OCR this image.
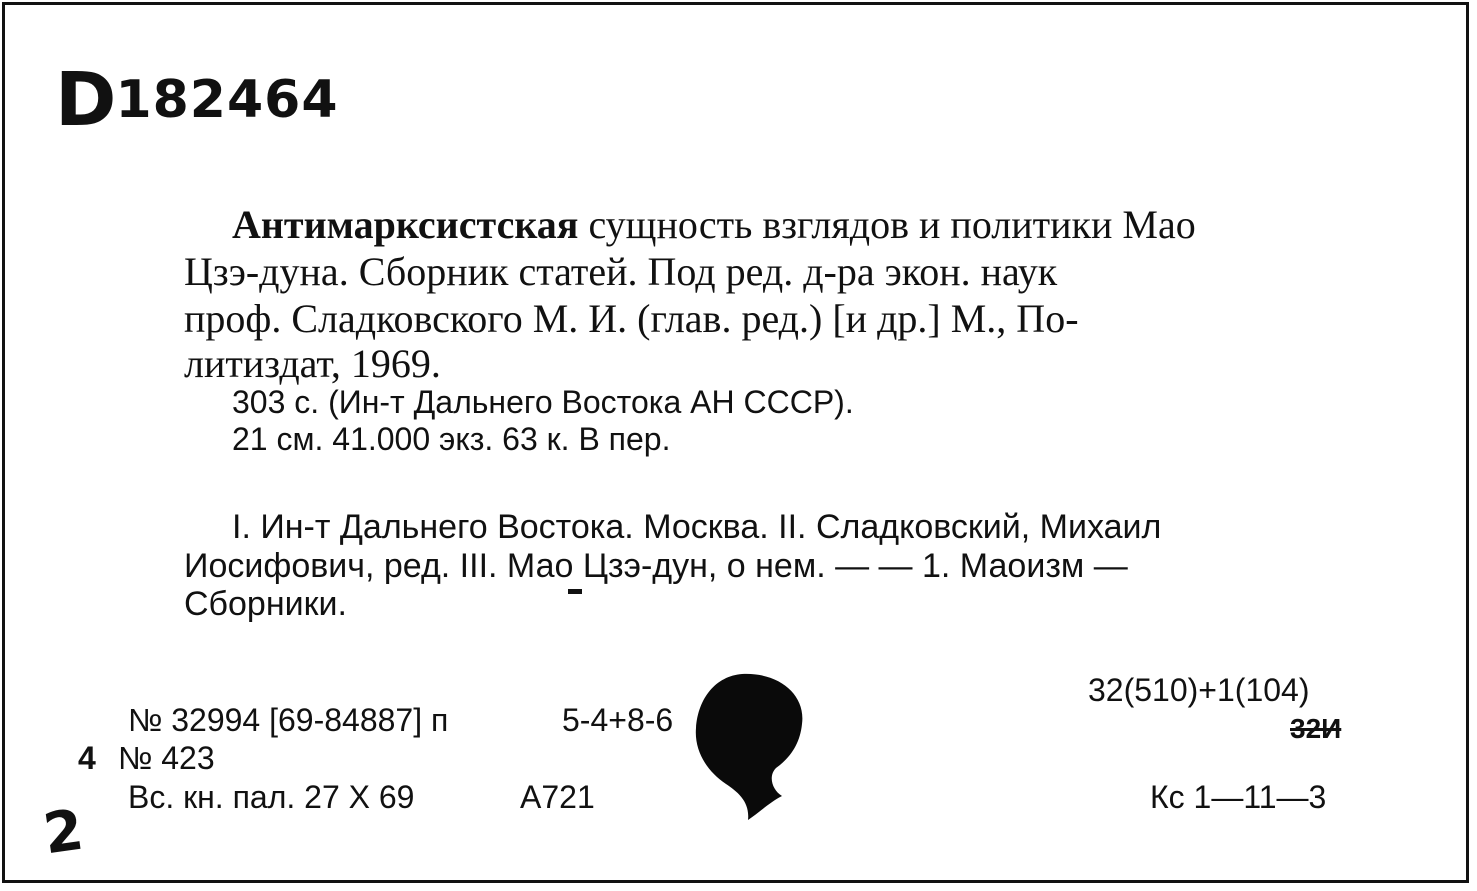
D182464
Антимарксистская сущность взглядов и политики Мао
Цзэ-дуна. Сборник статей. Под ред. д-ра экон. наук
проф. Сладковского М. И. (глав. ред.) [и др.] М., По-
литиздат, 1969.
303 с. (Ин-т Дальнего Востока АН СССР).
21 см. 41.000 экз. 63 к. В пер.
I. Ин-т Дальнего Востока. Москва. II. Сладковский, Михаил
Иосифович, ред. III. Мао Цзэ-дун, о нем. — — 1. Маоизм —
Сборники.
№ 32994 [69-84887] п	5-4+8-6
4 № 423
Вс. кн. пал. 27 X 69	А721
32(510)+1(104)
32И
Кс 1—11—3
2
